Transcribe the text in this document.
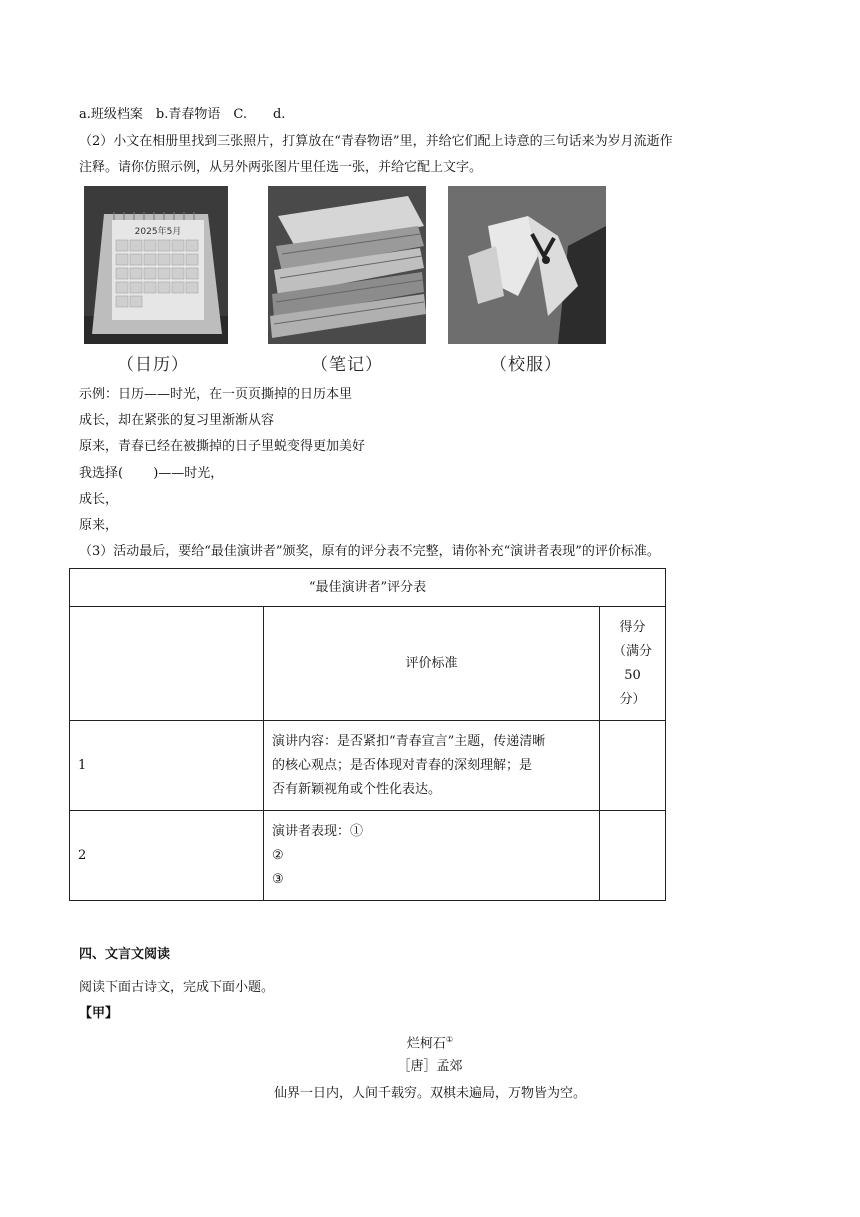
a.班级档案　b.青春物语　C.　　d.
（2）小文在相册里找到三张照片，打算放在“青春物语”里，并给它们配上诗意的三句话来为岁月流逝作
注释。请你仿照示例，从另外两张图片里任选一张，并给它配上文字。
2025年5月
（日历）	（笔记）	（校服）
示例：日历——时光，在一页页撕掉的日历本里
成长，却在紧张的复习里渐渐从容
原来，青春已经在被撕掉的日子里蜕变得更加美好
我选择(　　 )——时光，
成长，
原来，
（3）活动最后，要给“最佳演讲者”颁奖，原有的评分表不完整，请你补充“演讲者表现”的评价标准。
“最佳演讲者”评分表		
	评价标准	得分
（满分
50
分）

1	演讲内容：是否紧扣“青春宣言”主题，传递清晰
的核心观点；是否体现对青春的深刻理解；是
否有新颖视角或个性化表达。	

2	演讲者表现：①
②
③	

四、文言文阅读
阅读下面古诗文，完成下面小题。
【甲】
烂柯石①
［唐］孟郊
仙界一日内，人间千载穷。双棋未遍局，万物皆为空。
